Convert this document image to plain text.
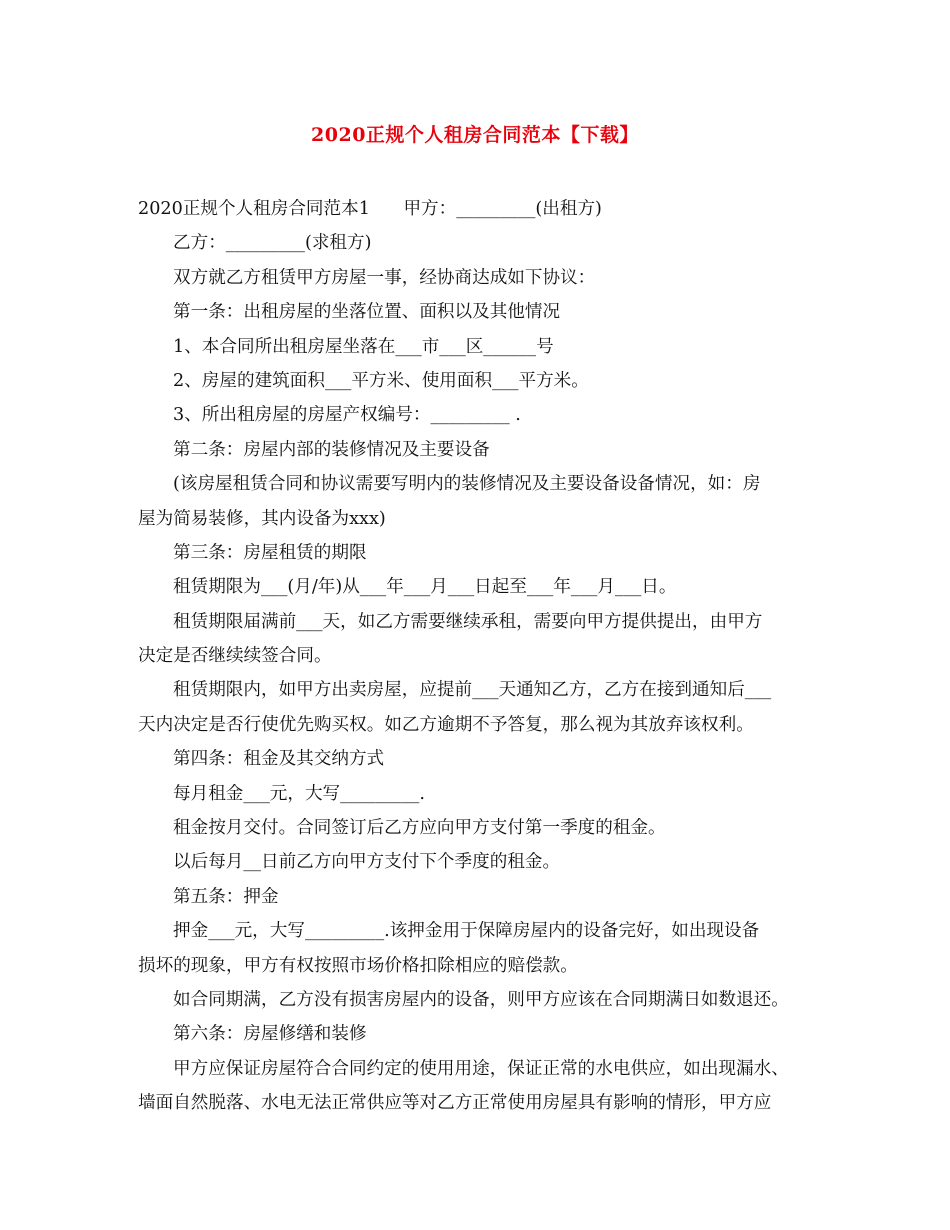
2020正规个人租房合同范本【下载】

2020正规个人租房合同范本1      甲方：_________(出租方)

乙方：_________(求租方)

双方就乙方租赁甲方房屋一事，经协商达成如下协议：

第一条：出租房屋的坐落位置、面积以及其他情况

1、本合同所出租房屋坐落在___市___区______号

2、房屋的建筑面积___平方米、使用面积___平方米。

3、所出租房屋的房屋产权编号：_________ .

第二条：房屋内部的装修情况及主要设备

(该房屋租赁合同和协议需要写明内的装修情况及主要设备设备情况，如：房

屋为简易装修，其内设备为xxx)

第三条：房屋租赁的期限

租赁期限为___(月/年)从___年___月___日起至___年___月___日。

租赁期限届满前___天，如乙方需要继续承租，需要向甲方提供提出，由甲方

决定是否继续续签合同。

租赁期限内，如甲方出卖房屋，应提前___天通知乙方，乙方在接到通知后___

天内决定是否行使优先购买权。如乙方逾期不予答复，那么视为其放弃该权利。

第四条：租金及其交纳方式

每月租金___元，大写_________.

租金按月交付。合同签订后乙方应向甲方支付第一季度的租金。

以后每月__日前乙方向甲方支付下个季度的租金。

第五条：押金

押金___元，大写_________.该押金用于保障房屋内的设备完好，如出现设备

损坏的现象，甲方有权按照市场价格扣除相应的赔偿款。

如合同期满，乙方没有损害房屋内的设备，则甲方应该在合同期满日如数退还。

第六条：房屋修缮和装修

甲方应保证房屋符合合同约定的使用用途，保证正常的水电供应，如出现漏水、

墙面自然脱落、水电无法正常供应等对乙方正常使用房屋具有影响的情形，甲方应
